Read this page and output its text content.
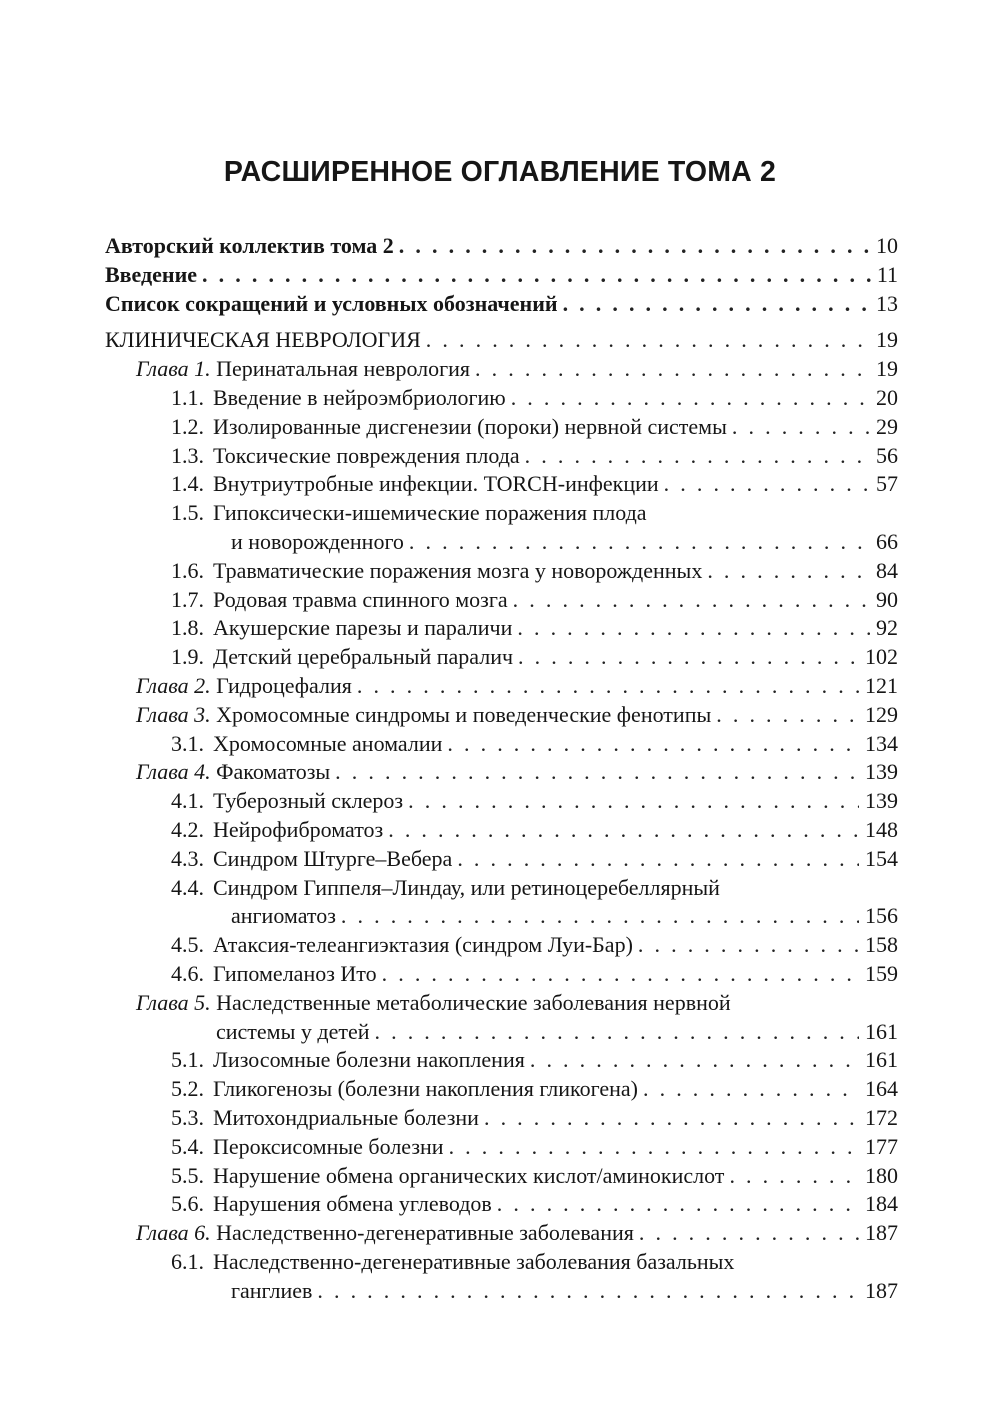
РАСШИРЕННОЕ ОГЛАВЛЕНИЕ ТОМА 2
Авторский коллектив тома 2 . . .	10
Введение . . .	11
Список сокращений и условных обозначений . . .	13
КЛИНИЧЕСКАЯ НЕВРОЛОГИЯ . . .	19
Глава 1. Перинатальная неврология . . .	19
1.1. Введение в нейроэмбриологию . . .	20
1.2. Изолированные дисгенезии (пороки) нервной системы . . .	29
1.3. Токсические повреждения плода . . .	56
1.4. Внутриутробные инфекции. TORCH-инфекции . . .	57
1.5. Гипоксически-ишемические поражения плода
и новорожденного . . .	66
1.6. Травматические поражения мозга у новорожденных . . .	84
1.7. Родовая травма спинного мозга . . .	90
1.8. Акушерские парезы и параличи . . .	92
1.9. Детский церебральный паралич . . .	102
Глава 2. Гидроцефалия . . .	121
Глава 3. Хромосомные синдромы и поведенческие фенотипы . . .	129
3.1. Хромосомные аномалии . . .	134
Глава 4. Факоматозы . . .	139
4.1. Туберозный склероз . . .	139
4.2. Нейрофиброматоз . . .	148
4.3. Синдром Штурге–Вебера . . .	154
4.4. Синдром Гиппеля–Линдау, или ретиноцеребеллярный
ангиоматоз . . .	156
4.5. Атаксия-телеангиэктазия (синдром Луи-Бар) . . .	158
4.6. Гипомеланоз Ито . . .	159
Глава 5. Наследственные метаболические заболевания нервной
системы у детей . . .	161
5.1. Лизосомные болезни накопления . . .	161
5.2. Гликогенозы (болезни накопления гликогена) . . .	164
5.3. Митохондриальные болезни . . .	172
5.4. Пероксисомные болезни . . .	177
5.5. Нарушение обмена органических кислот/аминокислот . . .	180
5.6. Нарушения обмена углеводов . . .	184
Глава 6. Наследственно-дегенеративные заболевания . . .	187
6.1. Наследственно-дегенеративные заболевания базальных
ганглиев . . .	187
